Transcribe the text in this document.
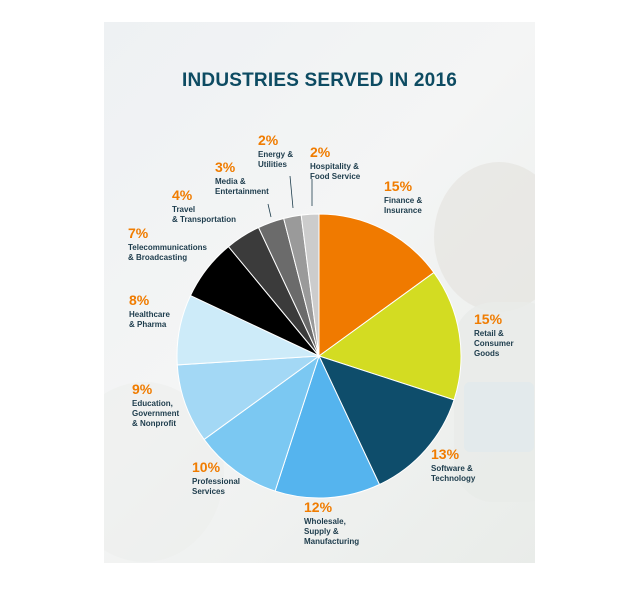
INDUSTRIES SERVED IN 2016
15%
Finance &
Insurance
15%
Retail &
Consumer
Goods
13%
Software &
Technology
12%
Wholesale,
Supply &
Manufacturing
10%
Professional
Services
9%
Education,
Government
& Nonprofit
8%
Healthcare
& Pharma
7%
Telecommunications
& Broadcasting
4%
Travel
& Transportation
3%
Media &
Entertainment
2%
Energy &
Utilities
2%
Hospitality &
Food Service
